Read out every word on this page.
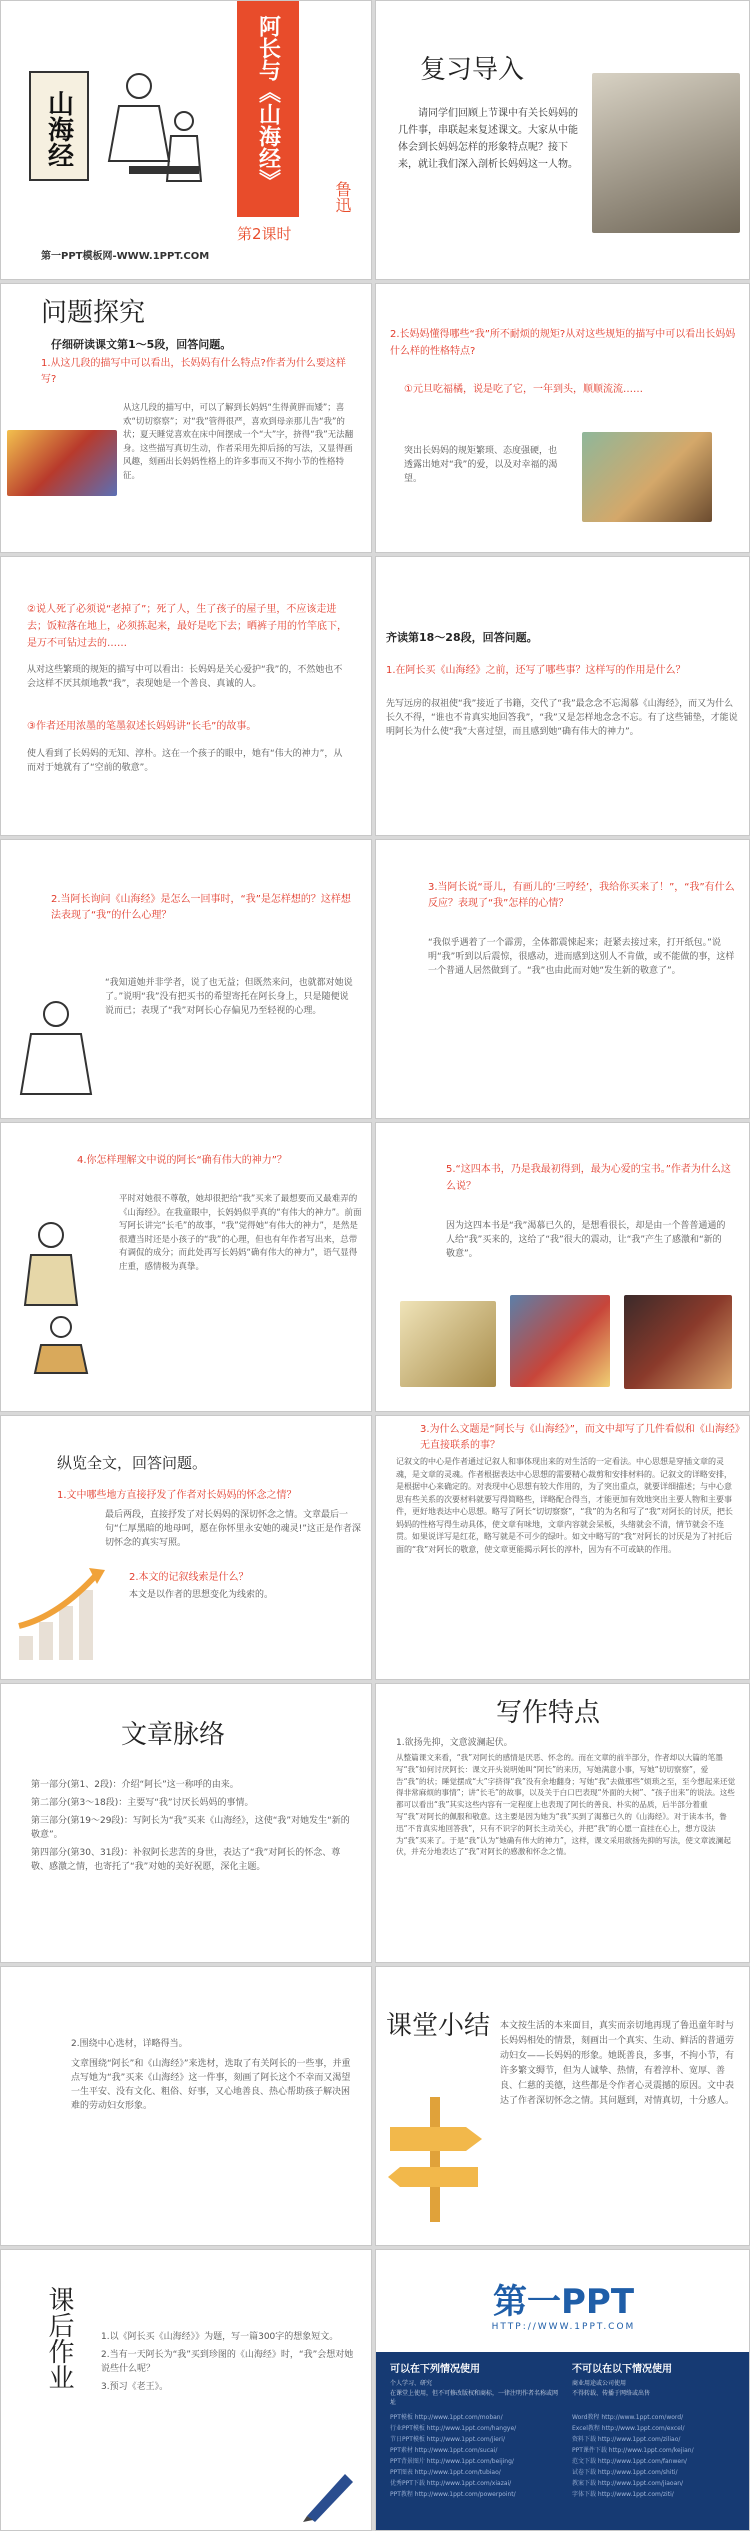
山海经	阿长与《山海经》
鲁迅
第2课时
第一PPT模板网-WWW.1PPT.COM
复习导入
请同学们回顾上节课中有关长妈妈的几件事，串联起来复述课文。大家从中能体会到长妈妈怎样的形象特点呢？接下来，就让我们深入剖析长妈妈这一人物。
问题探究
仔细研读课文第1～5段，回答问题。
1.从这几段的描写中可以看出，长妈妈有什么特点?作者为什么要这样写?
从这几段的描写中，可以了解到长妈妈“生得黄胖而矮”；喜欢“切切察察”；对“我”管得很严，喜欢到母亲那儿告“我”的状；夏天睡觉喜欢在床中间摆成一个“大”字，挤得“我”无法翻身。这些描写真切生动，作者采用先抑后扬的写法，又显得画风趣，刻画出长妈妈性格上的许多事而又不拘小节的性格特征。
2.长妈妈懂得哪些“我”所不耐烦的规矩?从对这些规矩的描写中可以看出长妈妈什么样的性格特点?
①元旦吃福橘，说是吃了它，一年到头，顺顺流流……
突出长妈妈的规矩繁琐、态度强硬，也透露出她对“我”的爱，以及对幸福的渴望。
②说人死了必须说“老掉了”；死了人，生了孩子的屋子里，不应该走进去；饭粒落在地上，必须拣起来，最好是吃下去；晒裤子用的竹竿底下，是万不可钻过去的……
从对这些繁琐的规矩的描写中可以看出：长妈妈是关心爱护“我”的，不然她也不会这样不厌其烦地教“我”，表现她是一个善良、真诚的人。
③作者还用浓墨的笔墨叙述长妈妈讲“长毛”的故事。
使人看到了长妈妈的无知、淳朴。这在一个孩子的眼中，她有“伟大的神力”，从而对于她就有了“空前的敬意”。
齐读第18～28段，回答问题。
1.在阿长买《山海经》之前，还写了哪些事？这样写的作用是什么？
先写远房的叔祖使“我”接近了书籍，交代了“我”最念念不忘渴慕《山海经》，而又为什么长久不得，“谁也不肯真实地回答我”，“我”又是怎样地念念不忘。有了这些铺垫，才能说明阿长为什么使“我”大喜过望，而且感到她“确有伟大的神力”。
2.当阿长询问《山海经》是怎么一回事时，“我”是怎样想的？这样想法表现了“我”的什么心理？
“我知道她并非学者，说了也无益；但既然来问，也就都对她说了。”说明“我”没有把买书的希望寄托在阿长身上，只是随便说说而已；表现了“我”对阿长心存偏见乃至轻视的心理。
3.当阿长说“哥儿，有画儿的‘三哼经’，我给你买来了！”，“我”有什么反应？表现了“我”怎样的心情？
“我似乎遇着了一个霹雳，全体都震悚起来；赶紧去接过来，打开纸包。”说明“我”听到以后震惊，很感动，进而感到这别人不肯做，或不能做的事，这样一个普通人居然做到了。“我”也由此而对她“发生新的敬意了”。
4.你怎样理解文中说的阿长“确有伟大的神力”？
平时对她很不尊敬，她却很把给“我”买来了最想要而又最难弄的《山海经》。在我童眼中，长妈妈似乎真的“有伟大的神力”。前面写阿长讲完“长毛”的故事，“我”觉得她“有伟大的神力”，是然是很遭当时还是小孩子的“我”的心理，但也有年作者写出来，总带有调侃的成分；而此处再写长妈妈“确有伟大的神力”，语气显得庄重，感情极为真挚。
5.“这四本书，乃是我最初得到，最为心爱的宝书。”作者为什么这么说？
因为这四本书是“我”渴慕已久的，是想看很长，却是由一个普普通通的人给“我”买来的，这给了“我”很大的震动，让“我”产生了感激和“新的敬意”。
纵览全文，回答问题。
1.文中哪些地方直接抒发了作者对长妈妈的怀念之情？
最后两段，直接抒发了对长妈妈的深切怀念之情。文章最后一句“仁厚黑暗的地母呵，愿在你怀里永安她的魂灵!”这正是作者深切怀念的真实写照。
2.本文的记叙线索是什么？
本文是以作者的思想变化为线索的。
3.为什么文题是“阿长与《山海经》”，而文中却写了几件看似和《山海经》无直接联系的事？
记叙文的中心是作者通过记叙人和事体现出来的对生活的一定看法。中心思想是穿插文章的灵魂，是文章的灵魂。作者根据表达中心思想的需要精心裁剪和安排材料的。记叙文的详略安排，是根据中心来确定的。对表现中心思想有较大作用的，为了突出重点，就要详细描述；与中心意思有些关系的次要材料就要写得简略些，详略配合得当，才能更加有效地突出主要人物和主要事件，更好地表达中心思想。略写了阿长“切切察察”，“我”的为名和写了“我”对阿长的讨厌，把长妈妈的性格写得生动具体，使文章有味地，文章内容就会呆板，头绪就会不清，情节就会不连贯。如果说详写是红花，略写就是不可少的绿叶。如文中略写的“我”对阿长的讨厌是为了衬托后面的“我”对阿长的敬意，使文章更能揭示阿长的淳朴，因为有不可或缺的作用。
文章脉络
第一部分(第1、2段)：介绍“阿长”这一称呼的由来。
第二部分(第3～18段)：主要写“我”讨厌长妈妈的事情。
第三部分(第19～29段)：写阿长为“我”买来《山海经》，这使“我”对她发生“新的敬意”。
第四部分(第30、31段)：补叙阿长悲苦的身世，表达了“我”对阿长的怀念、尊敬、感激之情，也寄托了“我”对她的美好祝愿，深化主题。
写作特点
1.欲扬先抑，文意波澜起伏。
从整篇课文来看，“我”对阿长的感情是厌恶、怀念的。而在文章的前半部分，作者却以大篇的笔墨写“我”如何讨厌阿长：课文开头说明她叫“阿长”的来历，写她满意小事，写她“切切察察”，爱告“我”的状；睡觉摆成“大”字挤得“我”没有余地翻身；写她“我”去做那些“烦琐之至，至今想起来还觉得非常麻烦的事情”；讲“长毛”的故事，以及关于白口巴表现“外面的大树”、“孩子出来”的说法。这些都可以看出“我”其实这些内容有一定程度上也表现了阿长的善良、朴实的品质，后半部分着重写“我”对阿长的佩服和敬意。这主要是因为她为“我”买到了渴慕已久的《山海经》。对于读本书，鲁迅“不肯真实地回答我”，只有不识字的阿长主动关心，并把“我”的心愿一直挂在心上，想方设法为“我”买来了。于是“我”认为“她确有伟大的神力”，这样，课文采用欲扬先抑的写法，使文章波澜起伏，并充分地表达了“我”对阿长的感激和怀念之情。
2.围绕中心选材，详略得当。
文章围绕“阿长”和《山海经》”来选材，选取了有关阿长的一些事，并重点写她为“我”买来《山海经》这一件事，刻画了阿长这个不幸而又渴望一生平安、没有文化、粗俗、好事，又心地善良、热心帮助孩子解决困难的劳动妇女形象。
课堂小结 本文按生活的本来面目，真实而亲切地再现了鲁迅童年时与长妈妈相处的情景，刻画出一个真实、生动、鲜活的普通劳动妇女——长妈妈的形象。她既善良，多事，不拘小节，有许多繁文缛节，但为人诚挚、热情，有着淳朴、宽厚、善良、仁慈的美德，这些都是令作者心灵震撼的原因。文中表达了作者深切怀念之情。其问题到，对情真切，十分感人。
课后作业	1.以《阿长买《山海经》》为题，写一篇300字的想象短文。
2.当有一天阿长为“我”买到珍图的《山海经》时，“我”会想对她说些什么呢？
3.预习《老王》。
第一PPT
HTTP://WWW.1PPT.COM
可以在下列情况使用	不可以在以下情况使用
个人学习、研究
在课堂上使用，但不可修改版权和商标，一律注明作者名称或网址
商业用途或公司使用
不得转载、传播于网络或出售
PPT模板 http://www.1ppt.com/moban/
行业PPT模板 http://www.1ppt.com/hangye/
节日PPT模板 http://www.1ppt.com/jieri/
PPT素材 http://www.1ppt.com/sucai/
PPT背景图片 http://www.1ppt.com/beijing/
PPT图表 http://www.1ppt.com/tubiao/
优秀PPT下载 http://www.1ppt.com/xiazai/
PPT教程 http://www.1ppt.com/powerpoint/
Word教程 http://www.1ppt.com/word/
Excel教程 http://www.1ppt.com/excel/
资料下载 http://www.1ppt.com/ziliao/
PPT课件下载 http://www.1ppt.com/kejian/
范文下载 http://www.1ppt.com/fanwen/
试卷下载 http://www.1ppt.com/shiti/
教案下载 http://www.1ppt.com/jiaoan/
字体下载 http://www.1ppt.com/ziti/
